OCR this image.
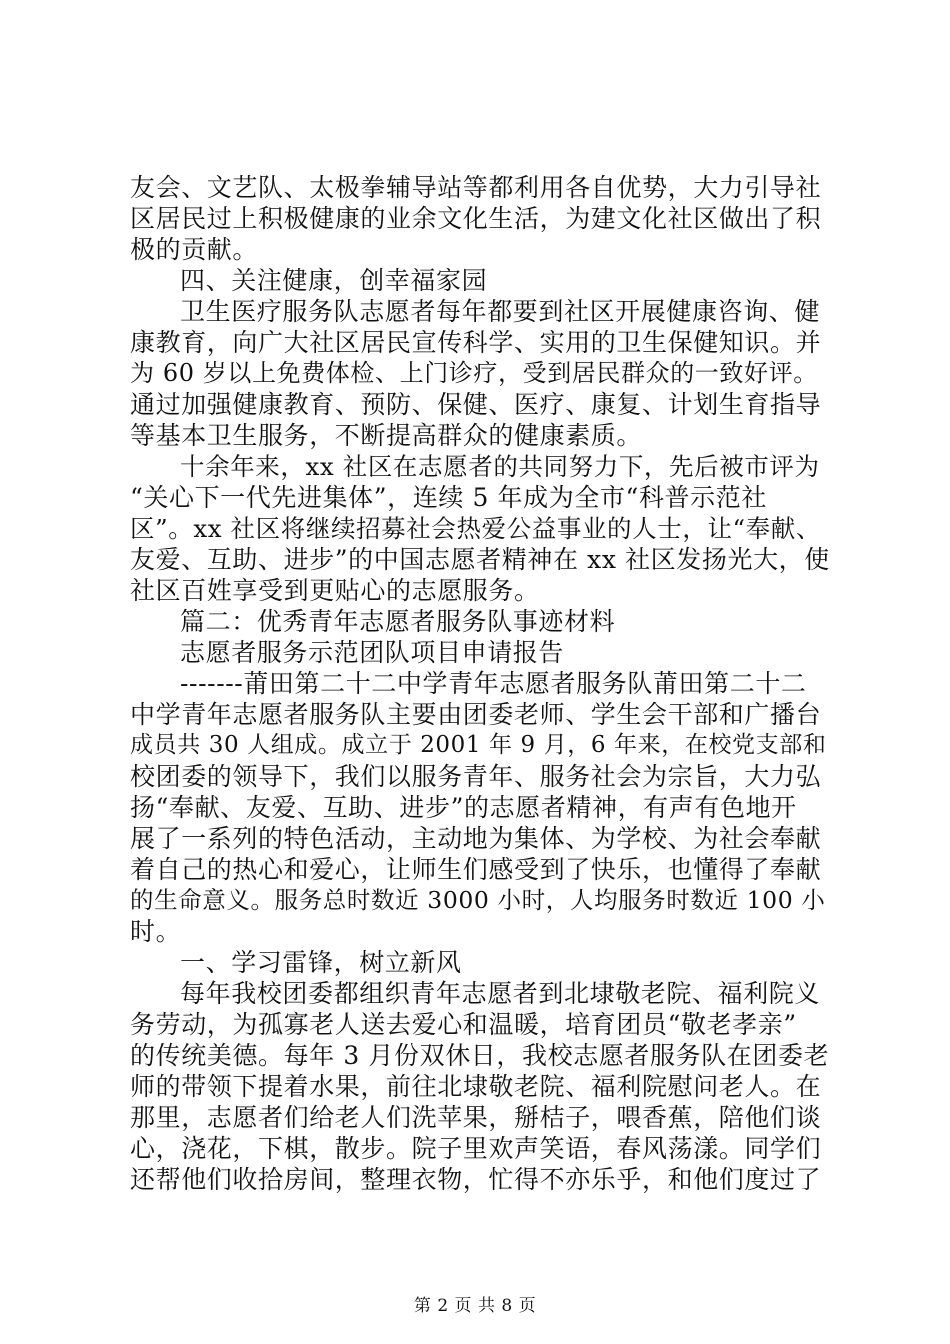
友会、文艺队、太极拳辅导站等都利用各自优势，大力引导社
区居民过上积极健康的业余文化生活，为建文化社区做出了积
极的贡献。
四、关注健康，创幸福家园
卫生医疗服务队志愿者每年都要到社区开展健康咨询、健
康教育，向广大社区居民宣传科学、实用的卫生保健知识。并
为 60 岁以上免费体检、上门诊疗，受到居民群众的一致好评。
通过加强健康教育、预防、保健、医疗、康复、计划生育指导
等基本卫生服务，不断提高群众的健康素质。
十余年来，xx 社区在志愿者的共同努力下，先后被市评为
“关心下一代先进集体”，连续 5 年成为全市“科普示范社
区”。xx 社区将继续招募社会热爱公益事业的人士，让“奉献、
友爱、互助、进步”的中国志愿者精神在 xx 社区发扬光大，使
社区百姓享受到更贴心的志愿服务。
篇二：优秀青年志愿者服务队事迹材料
志愿者服务示范团队项目申请报告
-------莆田第二十二中学青年志愿者服务队莆田第二十二
中学青年志愿者服务队主要由团委老师、学生会干部和广播台
成员共 30 人组成。成立于 2001 年 9 月，6 年来，在校党支部和
校团委的领导下，我们以服务青年、服务社会为宗旨，大力弘
扬“奉献、友爱、互助、进步”的志愿者精神，有声有色地开
展了一系列的特色活动，主动地为集体、为学校、为社会奉献
着自己的热心和爱心，让师生们感受到了快乐，也懂得了奉献
的生命意义。服务总时数近 3000 小时，人均服务时数近 100 小
时。
一、学习雷锋，树立新风
每年我校团委都组织青年志愿者到北埭敬老院、福利院义
务劳动，为孤寡老人送去爱心和温暖，培育团员“敬老孝亲”
的传统美德。每年 3 月份双休日，我校志愿者服务队在团委老
师的带领下提着水果，前往北埭敬老院、福利院慰问老人。在
那里，志愿者们给老人们洗苹果，掰桔子，喂香蕉，陪他们谈
心，浇花，下棋，散步。院子里欢声笑语，春风荡漾。同学们
还帮他们收拾房间，整理衣物，忙得不亦乐乎，和他们度过了
第 2 页 共 8 页
